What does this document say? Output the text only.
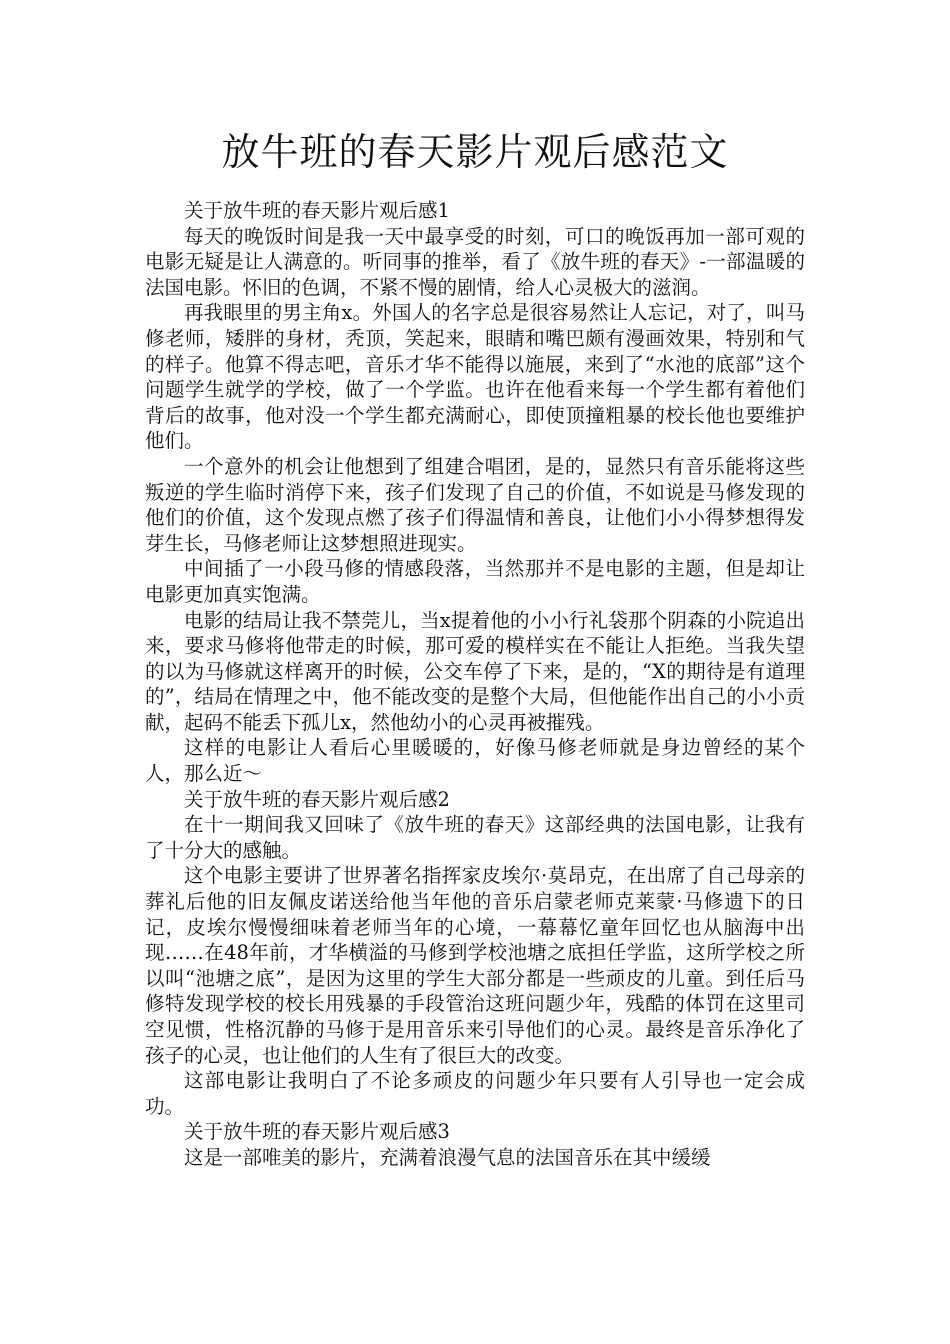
放牛班的春天影片观后感范文

关于放牛班的春天影片观后感1

每天的晚饭时间是我一天中最享受的时刻，可口的晚饭再加一部可观的电影无疑是让人满意的。听同事的推举，看了《放牛班的春天》-一部温暖的法国电影。怀旧的色调，不紧不慢的剧情，给人心灵极大的滋润。

再我眼里的男主角x。外国人的名字总是很容易然让人忘记，对了，叫马修老师，矮胖的身材，秃顶，笑起来，眼睛和嘴巴颇有漫画效果，特别和气的样子。他算不得志吧，音乐才华不能得以施展，来到了“水池的底部”这个问题学生就学的学校，做了一个学监。也许在他看来每一个学生都有着他们背后的故事，他对没一个学生都充满耐心，即使顶撞粗暴的校长他也要维护他们。

一个意外的机会让他想到了组建合唱团，是的，显然只有音乐能将这些叛逆的学生临时消停下来，孩子们发现了自己的价值，不如说是马修发现的他们的价值，这个发现点燃了孩子们得温情和善良，让他们小小得梦想得发芽生长，马修老师让这梦想照进现实。

中间插了一小段马修的情感段落，当然那并不是电影的主题，但是却让电影更加真实饱满。

电影的结局让我不禁莞儿，当x提着他的小小行礼袋那个阴森的小院追出来，要求马修将他带走的时候，那可爱的模样实在不能让人拒绝。当我失望的以为马修就这样离开的时候，公交车停了下来，是的，“X的期待是有道理的”，结局在情理之中，他不能改变的是整个大局，但他能作出自己的小小贡献，起码不能丢下孤儿x，然他幼小的心灵再被摧残。

这样的电影让人看后心里暖暖的，好像马修老师就是身边曾经的某个人，那么近～

关于放牛班的春天影片观后感2

在十一期间我又回味了《放牛班的春天》这部经典的法国电影，让我有了十分大的感触。

这个电影主要讲了世界著名指挥家皮埃尔·莫昂克，在出席了自己母亲的葬礼后他的旧友佩皮诺送给他当年他的音乐启蒙老师克莱蒙·马修遗下的日记，皮埃尔慢慢细味着老师当年的心境，一幕幕忆童年回忆也从脑海中出现……在48年前，才华横溢的马修到学校池塘之底担任学监，这所学校之所以叫“池塘之底”，是因为这里的学生大部分都是一些顽皮的儿童。到任后马修特发现学校的校长用残暴的手段管治这班问题少年，残酷的体罚在这里司空见惯，性格沉静的马修于是用音乐来引导他们的心灵。最终是音乐净化了孩子的心灵，也让他们的人生有了很巨大的改变。

这部电影让我明白了不论多顽皮的问题少年只要有人引导也一定会成功。

关于放牛班的春天影片观后感3

这是一部唯美的影片，充满着浪漫气息的法国音乐在其中缓缓
